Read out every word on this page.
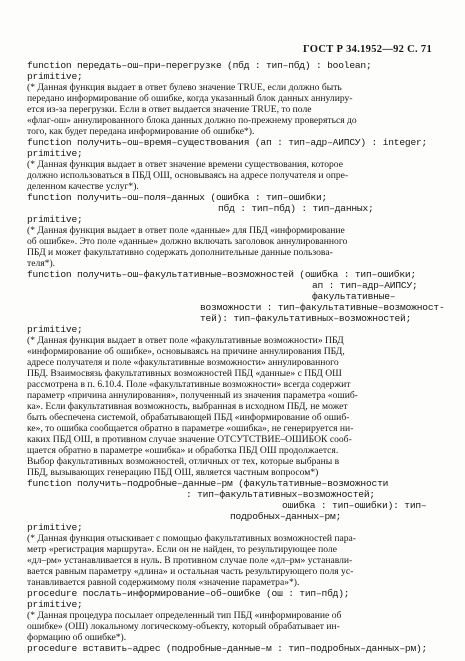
ГОСТ Р 34.1952—92 С. 71
function передать–ош–при–перегрузке (пбд : тип–пбд) : boolean;
primitive;
(* Данная функция выдает в ответ булево значение TRUE, если должно быть
передано информирование об ошибке, когда указанный блок данных аннулиру-
ется из-за перегрузки. Если в ответ выдается значение TRUE, то поле
«флаг-ош» аннулированного блока данных должно по-прежнему проверяться до
того, как будет передана информирование об ошибке*).
function получить–ош–время–существования (ап : тип–адр–АИПСУ) : integer;
primitive;
(* Данная функция выдает в ответ значение времени существования, которое
должно использоваться в ПБД ОШ, основываясь на адресе получателя и опре-
деленном качестве услуг*).
function получить–ош–поля–данных (ошибка : тип–ошибки;
пбд : тип–пбд) : тип–данных;
primitive;
(* Данная функция выдает в ответ поле «данные» для ПБД «информирование
об ошибке». Это поле «данные» должно включать заголовок аннулированного
ПБД и может факультативно содержать дополнительные данные пользова-
теля*).
function получить–ош–факультативные–возможностей (ошибка : тип–ошибки;
ап : тип–адр–АИПСУ;
факультативные–
возможности : тип–факультативные–возможност-
тей): тип–факультативных–возможностей;
primitive;
(* Данная функция выдает в ответ поле «факультативные возможности» ПБД
«информирование об ошибке», основываясь на причине аннулирования ПБД,
адресе получателя и поле «факультативные возможности» аннулированного
ПБД. Взаимосвязь факультативных возможностей ПБД «данные» с ПБД ОШ
рассмотрена в п. 6.10.4. Поле «факультативные возможности» всегда содержит
параметр «причина аннулирования», полученный из значения параметра «ошиб-
ка». Если факультативная возможность, выбранная в исходном ПБД, не может
быть обеспечена системой, обрабатывающей ПБД «информирование об ошиб-
ке», то ошибка сообщается обратно в параметре «ошибка», не генерируется ни-
каких ПБД ОШ, в противном случае значение ОТСУТСТВИЕ–ОШИБОК сооб-
щается обратно в параметре «ошибка» и обработка ПБД ОШ продолжается.
Выбор факультативных возможностей, отличных от тех, которые выбраны в
ПБД, вызывающих генерацию ПБД ОШ, является частным вопросом*)
function получить–подробные–данные–рм (факультативные–возможности
: тип–факультативных–возможностей;
ошибка : тип–ошибки): тип–
подробных–данных–рм;
primitive;
(* Данная функция отыскивает с помощью факультативных возможностей пара-
метр «регистрация маршрута». Если он не найден, то результирующее поле
«дл–рм» устанавливается в нуль. В противном случае поле «дл–рм» устанавли-
вается равным параметру «длина» и остальная часть результирующего поля ус-
танавливается равной содержимому поля «значение параметра»*).
procedure послать–информирование–об–ошибке (ош : тип–пбд);
primitive;
(* Данная процедура посылает определенный тип ПБД «информирование об
ошибке» (ОШ) локальному логическому-объекту, который обрабатывает ин-
формацию об ошибке*).
procedure вставить–адрес (подробные–данные–м : тип–подробных–данных–рм);
